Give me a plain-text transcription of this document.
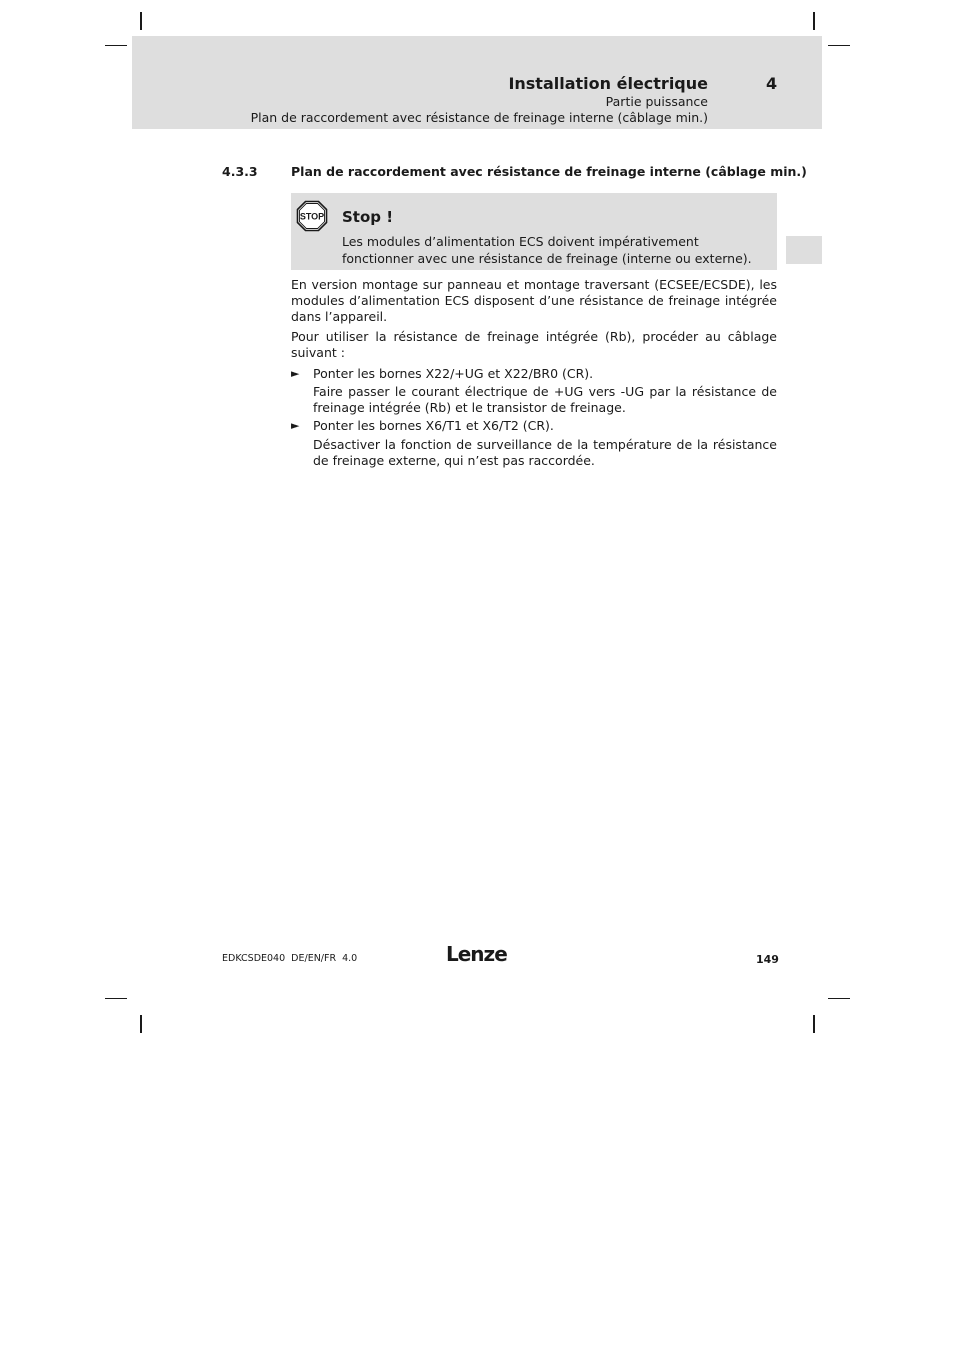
Installation électrique	4
Partie puissance
Plan de raccordement avec résistance de freinage interne (câblage min.)
4.3.3	Plan de raccordement avec résistance de freinage interne (câblage min.)
STOP Stop !
Les modules d’alimentation ECS doivent impérativement fonctionner avec une résistance de freinage (interne ou externe).
En version montage sur panneau et montage traversant (ECSEE/ECSDE), les modules d’alimentation ECS disposent d’une résistance de freinage intégrée dans l’appareil.
Pour utiliser la résistance de freinage intégrée (Rb), procéder au câblage suivant :
► Ponter les bornes X22/+UG et X22/BR0 (CR).
Faire passer le courant électrique de +UG vers -UG par la résistance de freinage intégrée (Rb) et le transistor de freinage.
► Ponter les bornes X6/T1 et X6/T2 (CR).
Désactiver la fonction de surveillance de la température de la résistance de freinage externe, qui n’est pas raccordée.
EDKCSDE040  DE/EN/FR  4.0	Lenze	149
